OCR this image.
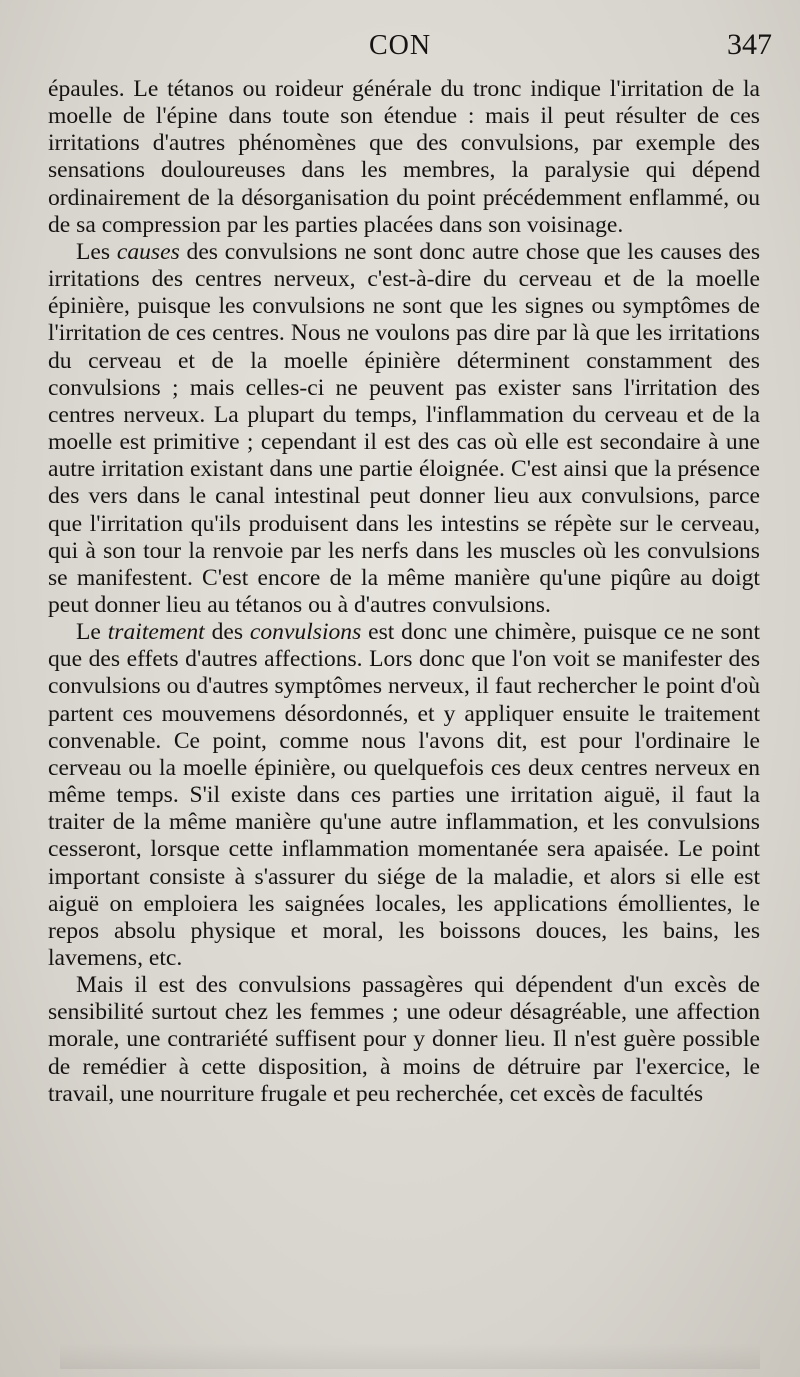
CON	347

épaules. Le tétanos ou roideur générale du tronc indique l'irritation de la moelle de l'épine dans toute son étendue : mais il peut résulter de ces irritations d'autres phénomènes que des convulsions, par exemple des sensations douloureuses dans les membres, la paralysie qui dépend ordinairement de la désorganisation du point précédemment enflammé, ou de sa compression par les parties placées dans son voisinage.

Les causes des convulsions ne sont donc autre chose que les causes des irritations des centres nerveux, c'est-à-dire du cerveau et de la moelle épinière, puisque les convulsions ne sont que les signes ou symptômes de l'irritation de ces centres. Nous ne voulons pas dire par là que les irritations du cerveau et de la moelle épinière déterminent constamment des convulsions ; mais celles-ci ne peuvent pas exister sans l'irritation des centres nerveux. La plupart du temps, l'inflammation du cerveau et de la moelle est primitive ; cependant il est des cas où elle est secondaire à une autre irritation existant dans une partie éloignée. C'est ainsi que la présence des vers dans le canal intestinal peut donner lieu aux convulsions, parce que l'irritation qu'ils produisent dans les intestins se répète sur le cerveau, qui à son tour la renvoie par les nerfs dans les muscles où les convulsions se manifestent. C'est encore de la même manière qu'une piqûre au doigt peut donner lieu au tétanos ou à d'autres convulsions.

Le traitement des convulsions est donc une chimère, puisque ce ne sont que des effets d'autres affections. Lors donc que l'on voit se manifester des convulsions ou d'autres symptômes nerveux, il faut rechercher le point d'où partent ces mouvemens désordonnés, et y appliquer ensuite le traitement convenable. Ce point, comme nous l'avons dit, est pour l'ordinaire le cerveau ou la moelle épinière, ou quelquefois ces deux centres nerveux en même temps. S'il existe dans ces parties une irritation aiguë, il faut la traiter de la même manière qu'une autre inflammation, et les convulsions cesseront, lorsque cette inflammation momentanée sera apaisée. Le point important consiste à s'assurer du siége de la maladie, et alors si elle est aiguë on emploiera les saignées locales, les applications émollientes, le repos absolu physique et moral, les boissons douces, les bains, les lavemens, etc.

Mais il est des convulsions passagères qui dépendent d'un excès de sensibilité surtout chez les femmes ; une odeur désagréable, une affection morale, une contrariété suffisent pour y donner lieu. Il n'est guère possible de remédier à cette disposition, à moins de détruire par l'exercice, le travail, une nourriture frugale et peu recherchée, cet excès de facultés
